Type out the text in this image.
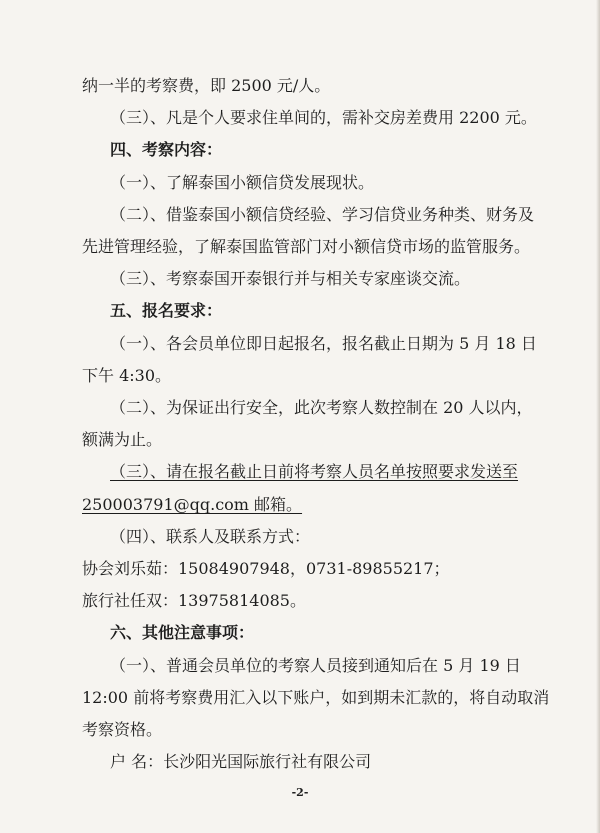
-2-
纳一半的考察费，即 2500 元/人。
（三）、凡是个人要求住单间的，需补交房差费用 2200 元。
四、考察内容：
（一）、了解泰国小额信贷发展现状。
（二）、借鉴泰国小额信贷经验、学习信贷业务种类、财务及
先进管理经验，了解泰国监管部门对小额信贷市场的监管服务。
（三）、考察泰国开泰银行并与相关专家座谈交流。
五、报名要求：
（一）、各会员单位即日起报名，报名截止日期为 5 月 18 日
下午 4:30。
（二）、为保证出行安全，此次考察人数控制在 20 人以内，
额满为止。
（三）、请在报名截止日前将考察人员名单按照要求发送至
250003791@qq.com 邮箱。
（四）、联系人及联系方式：
协会刘乐茹：15084907948，0731-89855217；
旅行社任双：13975814085。
六、其他注意事项：
（一）、普通会员单位的考察人员接到通知后在 5 月 19 日
12:00 前将考察费用汇入以下账户，如到期未汇款的，将自动取消
考察资格。
户 名：长沙阳光国际旅行社有限公司
